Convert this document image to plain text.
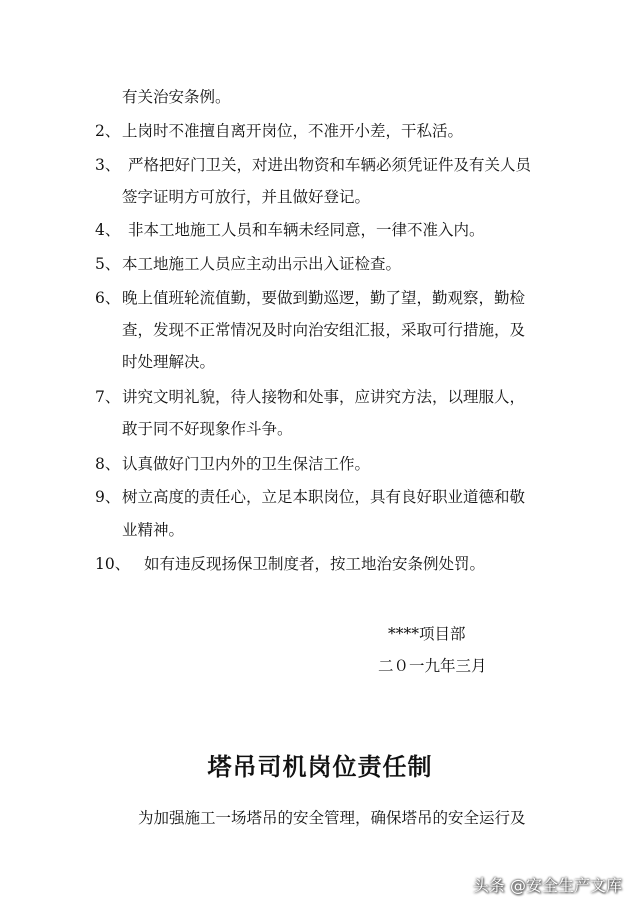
有关治安条例。
2、 上岗时不准擅自离开岗位，不准开小差，干私活。
3、 严格把好门卫关，对进出物资和车辆必须凭证件及有关人员
签字证明方可放行，并且做好登记。
4、 非本工地施工人员和车辆未经同意，一律不准入内。
5、 本工地施工人员应主动出示出入证检查。
6、 晚上值班轮流值勤，要做到勤巡逻，勤了望，勤观察，勤检
查，发现不正常情况及时向治安组汇报，采取可行措施，及
时处理解决。
7、 讲究文明礼貌，待人接物和处事，应讲究方法，以理服人，
敢于同不好现象作斗争。
8、 认真做好门卫内外的卫生保洁工作。
9、 树立高度的责任心，立足本职岗位，具有良好职业道德和敬
业精神。
10、 如有违反现扬保卫制度者，按工地治安条例处罚。
****项目部
二０一九年三月
塔吊司机岗位责任制
为加强施工一场塔吊的安全管理，确保塔吊的安全运行及
头条 @安全生产文库
